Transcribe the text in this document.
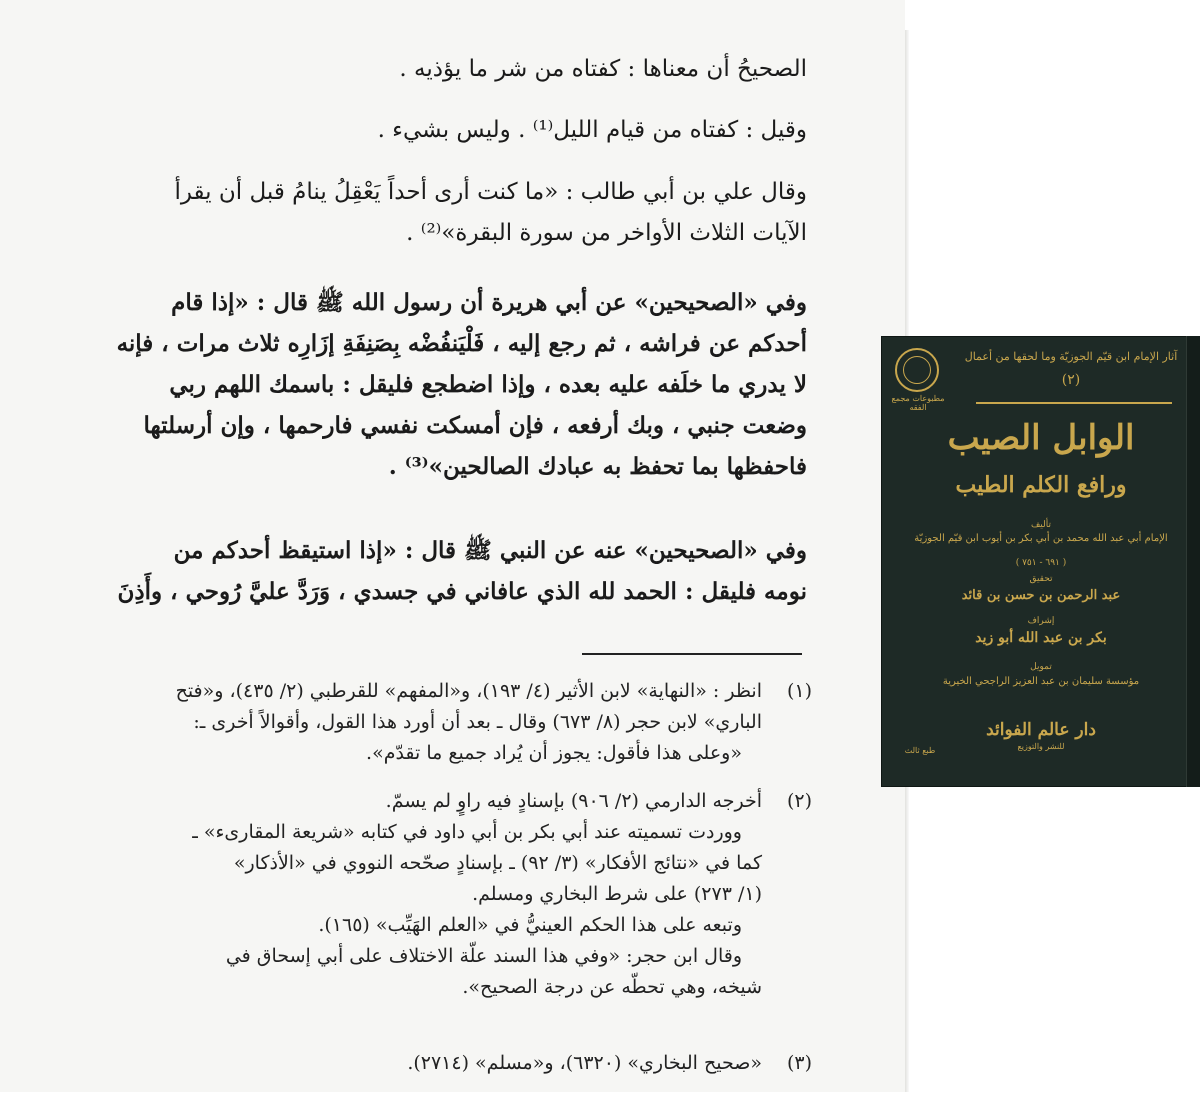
الصحيحُ أن معناها : كفتاه من شر ما يؤذيه .
وقيل : كفتاه من قيام الليل⁽¹⁾ . وليس بشيء .
وقال علي بن أبي طالب : «ما كنت أرى أحداً يَعْقِلُ ينامُ قبل أن يقرأ
الآيات الثلاث الأواخر من سورة البقرة»⁽²⁾ .
وفي «الصحيحين» عن أبي هريرة أن رسول الله ﷺ قال : «إذا قام
أحدكم عن فراشه ، ثم رجع إليه ، فَلْيَنفُضْه بِصَنِفَةِ إزَارِه ثلاث مرات ، فإنه
لا يدري ما خلَفه عليه بعده ، وإذا اضطجع فليقل : باسمك اللهم ربي
وضعت جنبي ، وبك أرفعه ، فإن أمسكت نفسي فارحمها ، وإن أرسلتها
فاحفظها بما تحفظ به عبادك الصالحين»⁽³⁾ .
وفي «الصحيحين» عنه عن النبي ﷺ قال : «إذا استيقظ أحدكم من
نومه فليقل : الحمد لله الذي عافاني في جسدي ، وَرَدَّ عليَّ رُوحي ، وأَذِنَ
(١)
انظر : «النهاية» لابن الأثير (٤/ ١٩٣)، و«المفهم» للقرطبي (٢/ ٤٣٥)، و«فتح
الباري» لابن حجر (٨/ ٦٧٣) وقال ـ بعد أن أورد هذا القول، وأقوالاً أخرى ـ:
«وعلى هذا فأقول: يجوز أن يُراد جميع ما تقدّم».
(٢)
أخرجه الدارمي (٢/ ٩٠٦) بإسنادٍ فيه راوٍ لم يسمّ.
ووردت تسميته عند أبي بكر بن أبي داود في كتابه «شريعة المقارىء» ـ
كما في «نتائج الأفكار» (٣/ ٩٢) ـ بإسنادٍ صحّحه النووي في «الأذكار»
(١/ ٢٧٣) على شرط البخاري ومسلم.
وتبعه على هذا الحكم العينيُّ في «العلم الهَيِّب» (١٦٥).
وقال ابن حجر: «وفي هذا السند علّة الاختلاف على أبي إسحاق في
شيخه، وهي تحطّه عن درجة الصحيح».
(٣)
«صحيح البخاري» (٦٣٢٠)، و«مسلم» (٢٧١٤).
مطبوعات مجمع الفقه
آثار الإمام ابن قيّم الجوزيّة وما لحقها من أعمال
(٢)
الوابل الصيب
ورافع الكلم الطيب
تأليف
الإمام أبي عبد الله محمد بن أبي بكر بن أيوب ابن قيّم الجوزيّة
( ٦٩١ - ٧٥١ )
تحقيق
عبد الرحمن بن حسن بن قائد
إشراف
بكر بن عبد الله أبو زيد
تمويل
مؤسسة سليمان بن عبد العزيز الراجحي الخيرية
دار عالم الفوائد
للنشر والتوزيع
طبع ثالث
